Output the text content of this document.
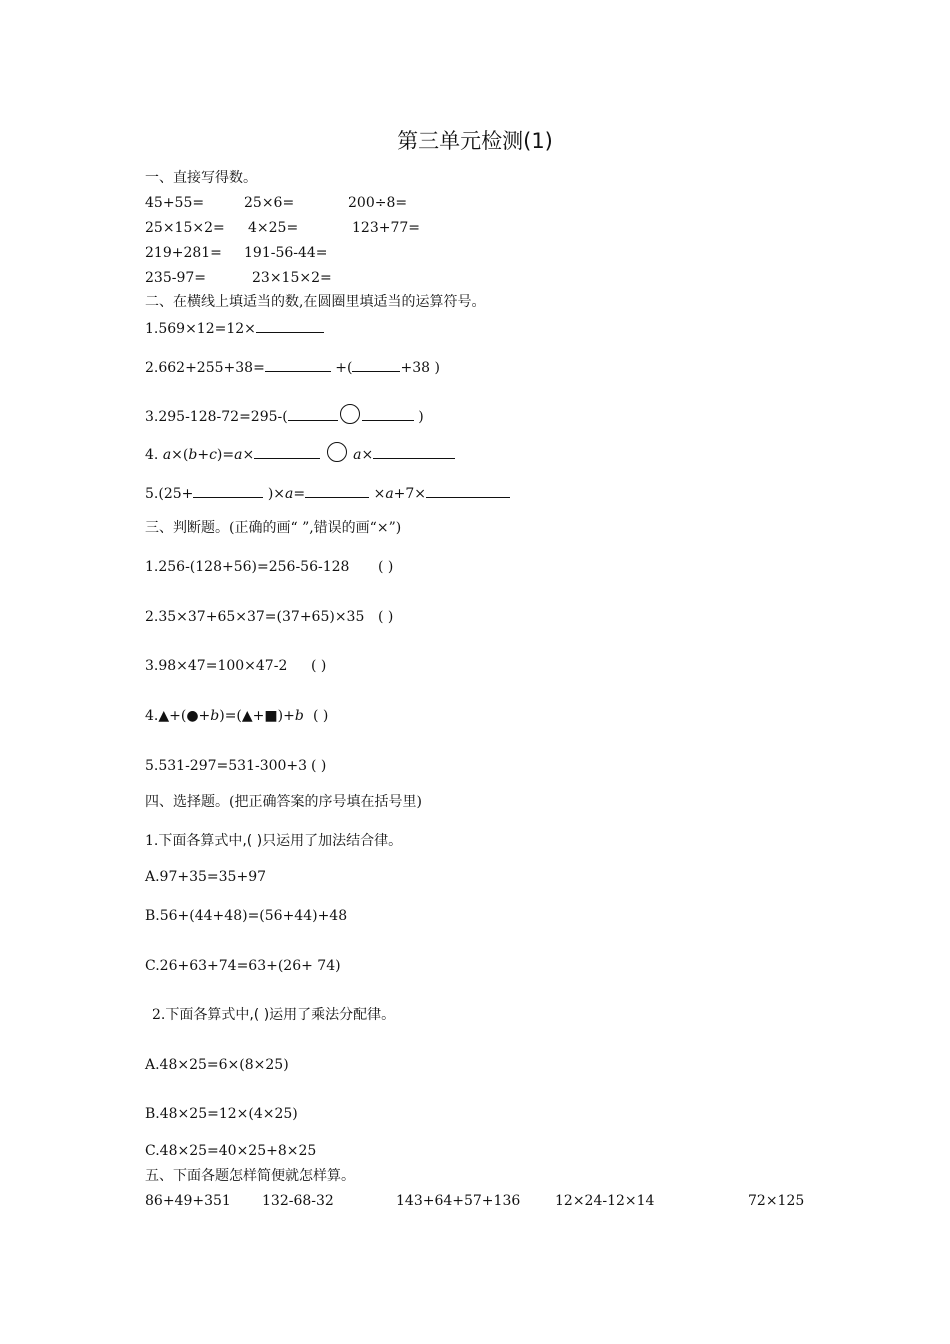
第三单元检测(1)
一、直接写得数。
45+55=	25×6=	200÷8=
25×15×2= 4×25=	123+77=
219+281= 191-56-44=
235-97=	23×15×2=
二、在横线上填适当的数,在圆圈里填适当的运算符号。
1.569×12=12×
2.662+255+38=	+(	+38 )
3.295-128-72=295-(	)
4. a×(b+c)=a×	a×
5.(25+	)×a=	×a+7×
三、判断题。(正确的画“ ”,错误的画“×”)
1.256-(128+56)=256-56-128 ( )
2.35×37+65×37=(37+65)×35 ( )
3.98×47=100×47-2 ( )
4.▲+(●+b)=(▲+■)+b ( )
5.531-297=531-300+3 ( )
四、选择题。(把正确答案的序号填在括号里)
1.下面各算式中,( )只运用了加法结合律。
A.97+35=35+97
B.56+(44+48)=(56+44)+48
C.26+63+74=63+(26+ 74)
2.下面各算式中,( )运用了乘法分配律。
A.48×25=6×(8×25)
B.48×25=12×(4×25)
C.48×25=40×25+8×25
五、下面各题怎样简便就怎样算。
86+49+351 132-68-32	143+64+57+136 12×24-12×14	72×125
